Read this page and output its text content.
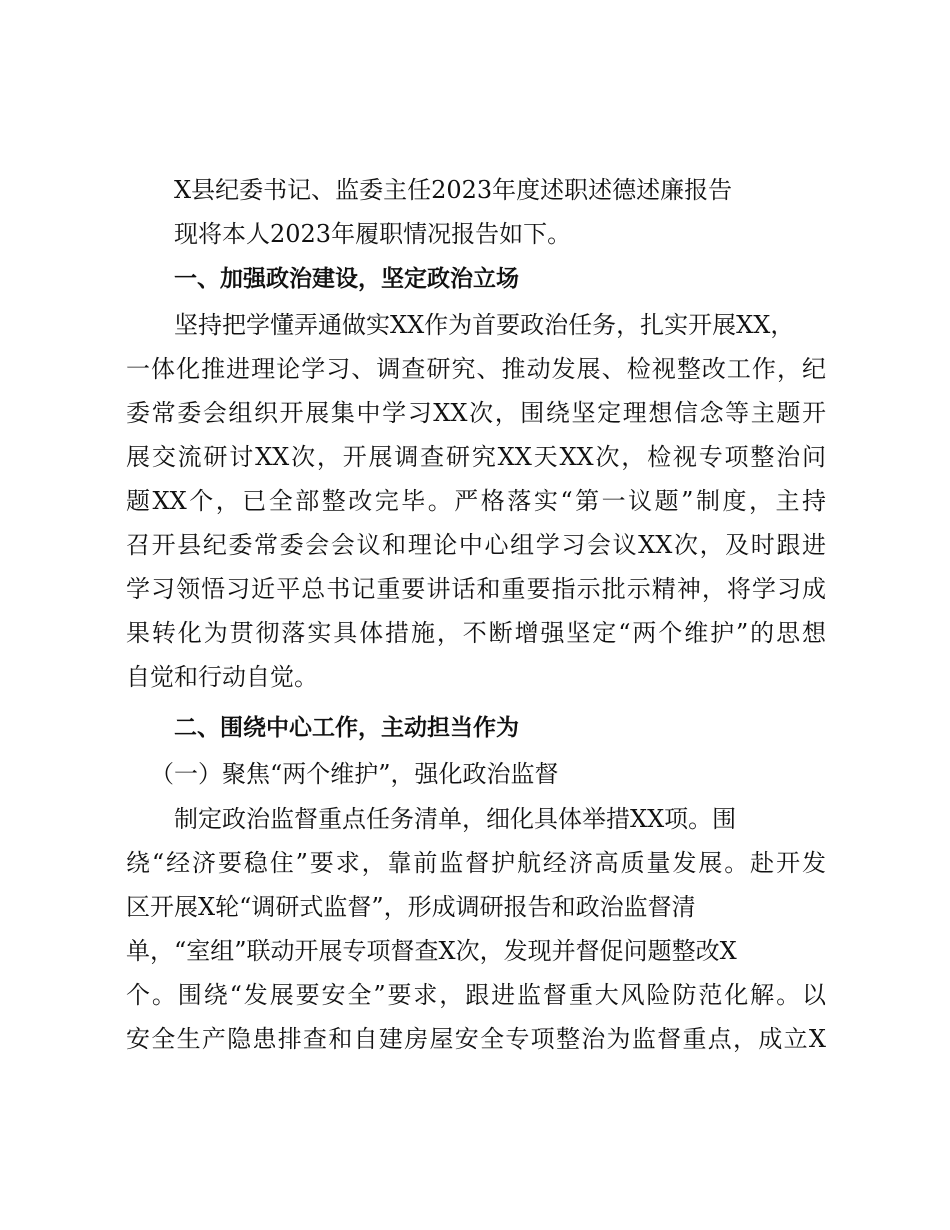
X县纪委书记、监委主任2023年度述职述德述廉报告
现将本人2023年履职情况报告如下。
一、加强政治建设，坚定政治立场
坚持把学懂弄通做实XX作为首要政治任务，扎实开展XX，
一体化推进理论学习、调查研究、推动发展、检视整改工作，纪
委常委会组织开展集中学习XX次，围绕坚定理想信念等主题开
展交流研讨XX次，开展调查研究XX天XX次，检视专项整治问
题XX个，已全部整改完毕。严格落实“第一议题”制度，主持
召开县纪委常委会会议和理论中心组学习会议XX次，及时跟进
学习领悟习近平总书记重要讲话和重要指示批示精神，将学习成
果转化为贯彻落实具体措施，不断增强坚定“两个维护”的思想
自觉和行动自觉。
二、围绕中心工作，主动担当作为
（一）聚焦“两个维护”，强化政治监督
制定政治监督重点任务清单，细化具体举措XX项。围
绕“经济要稳住”要求，靠前监督护航经济高质量发展。赴开发
区开展X轮“调研式监督”，形成调研报告和政治监督清
单，“室组”联动开展专项督查X次，发现并督促问题整改X
个。围绕“发展要安全”要求，跟进监督重大风险防范化解。以
安全生产隐患排查和自建房屋安全专项整治为监督重点，成立X
